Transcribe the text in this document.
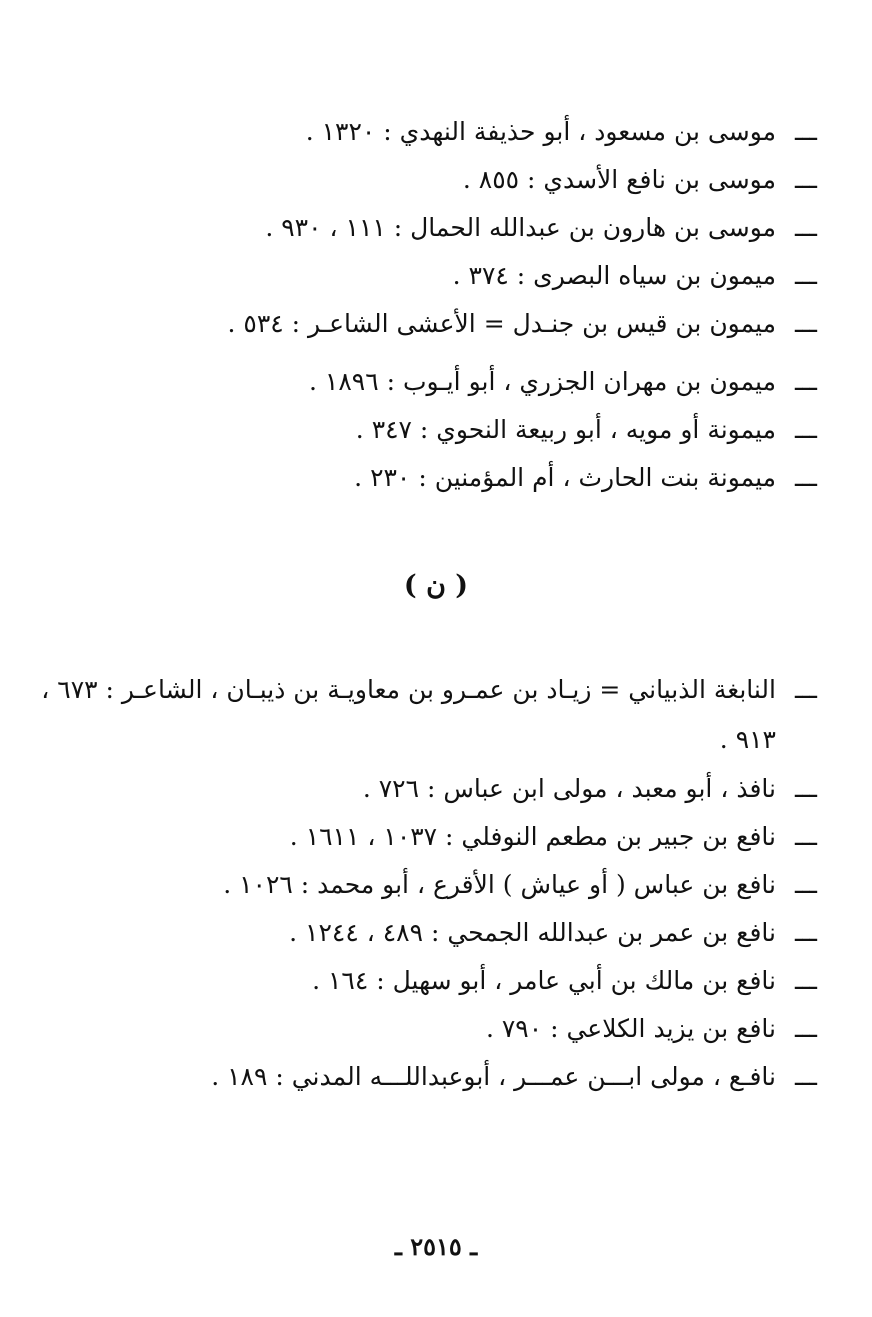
ـــ
موسى بن مسعود ، أبو حذيفة النهدي : ١٣٢٠ .
ـــ
موسى بن نافع الأسدي : ٨٥٥ .
ـــ
موسى بن هارون بن عبدالله الحمال : ١١١ ، ٩٣٠ .
ـــ
ميمون بن سياه البصرى : ٣٧٤ .
ـــ
ميمون بن قيس بن جنـدل = الأعشى الشاعـر : ٥٣٤ .
ـــ
ميمون بن مهران الجزري ، أبو أيـوب : ١٨٩٦ .
ـــ
ميمونة أو مويه ، أبو ربيعة النحوي : ٣٤٧ .
ـــ
ميمونة بنت الحارث ، أم المؤمنين : ٢٣٠ .
( ن )
ـــ
النابغة الذبياني = زيـاد بن عمـرو بن معاويـة بن ذيبـان ، الشاعـر : ٦٧٣ ، ٩١٣ .
ـــ
نافذ ، أبو معبد ، مولى ابن عباس : ٧٢٦ .
ـــ
نافع بن جبير بن مطعم النوفلي : ١٠٣٧ ، ١٦١١ .
ـــ
نافع بن عباس ( أو عياش ) الأقرع ، أبو محمد : ١٠٢٦ .
ـــ
نافع بن عمر بن عبدالله الجمحي : ٤٨٩ ، ١٢٤٤ .
ـــ
نافع بن مالك بن أبي عامر ، أبو سهيل : ١٦٤ .
ـــ
نافع بن يزيد الكلاعي : ٧٩٠ .
ـــ
نافـع ، مولى ابـــن عمـــر ، أبوعبداللـــه المدني : ١٨٩ .
ـ ٢٥١٥ ـ
